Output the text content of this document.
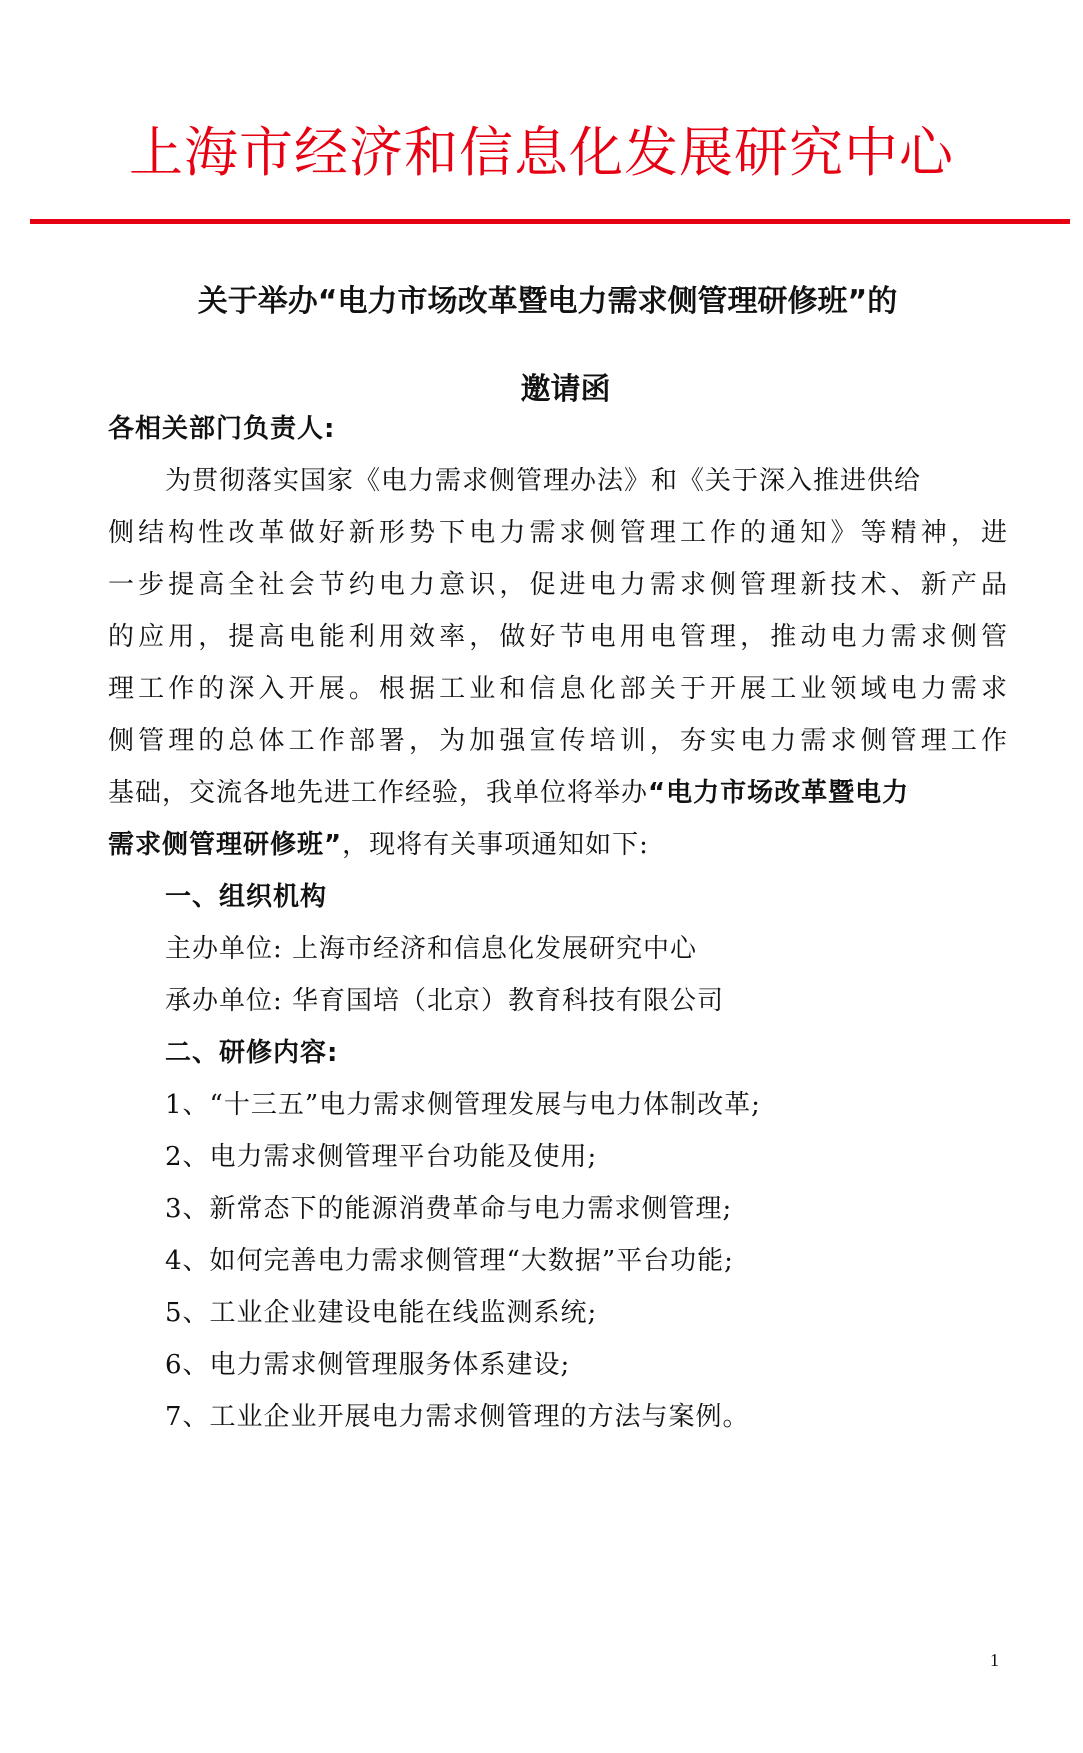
上海市经济和信息化发展研究中心
关于举办“电力市场改革暨电力需求侧管理研修班”的
邀请函
各相关部门负责人:
为贯彻落实国家《电力需求侧管理办法》和《关于深入推进供给
侧结构性改革做好新形势下电力需求侧管理工作的通知》等精神，进
一步提高全社会节约电力意识，促进电力需求侧管理新技术、新产品
的应用，提高电能利用效率，做好节电用电管理，推动电力需求侧管
理工作的深入开展。根据工业和信息化部关于开展工业领域电力需求
侧管理的总体工作部署，为加强宣传培训，夯实电力需求侧管理工作
基础，交流各地先进工作经验，我单位将举办“电力市场改革暨电力
需求侧管理研修班”，现将有关事项通知如下:
一、组织机构
主办单位: 上海市经济和信息化发展研究中心
承办单位: 华育国培（北京）教育科技有限公司
二、研修内容:
1、“十三五”电力需求侧管理发展与电力体制改革;
2、电力需求侧管理平台功能及使用;
3、新常态下的能源消费革命与电力需求侧管理;
4、如何完善电力需求侧管理“大数据”平台功能;
5、工业企业建设电能在线监测系统;
6、电力需求侧管理服务体系建设;
7、工业企业开展电力需求侧管理的方法与案例。
1
